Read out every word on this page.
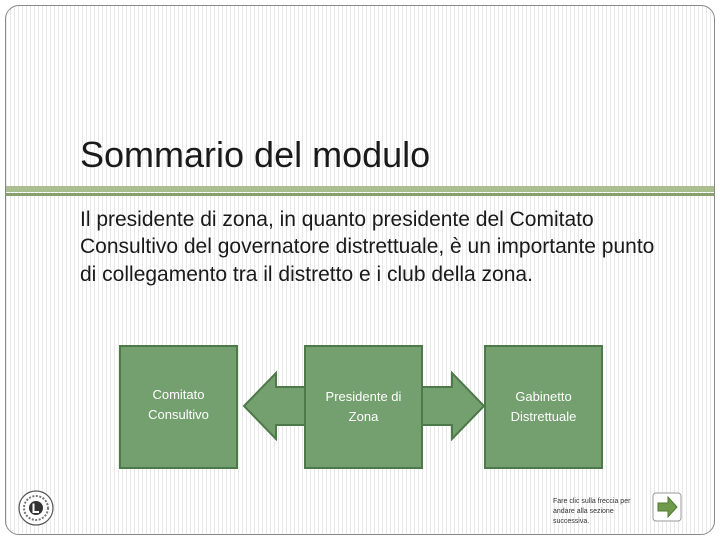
Sommario del modulo
Il presidente di zona, in quanto presidente del Comitato Consultivo del governatore distrettuale, è un importante punto di collegamento tra il distretto e i club della zona.
Comitato
Consultivo
Presidente di
Zona
Gabinetto
Distrettuale
Fare clic sulla freccia per andare alla sezione successiva.
